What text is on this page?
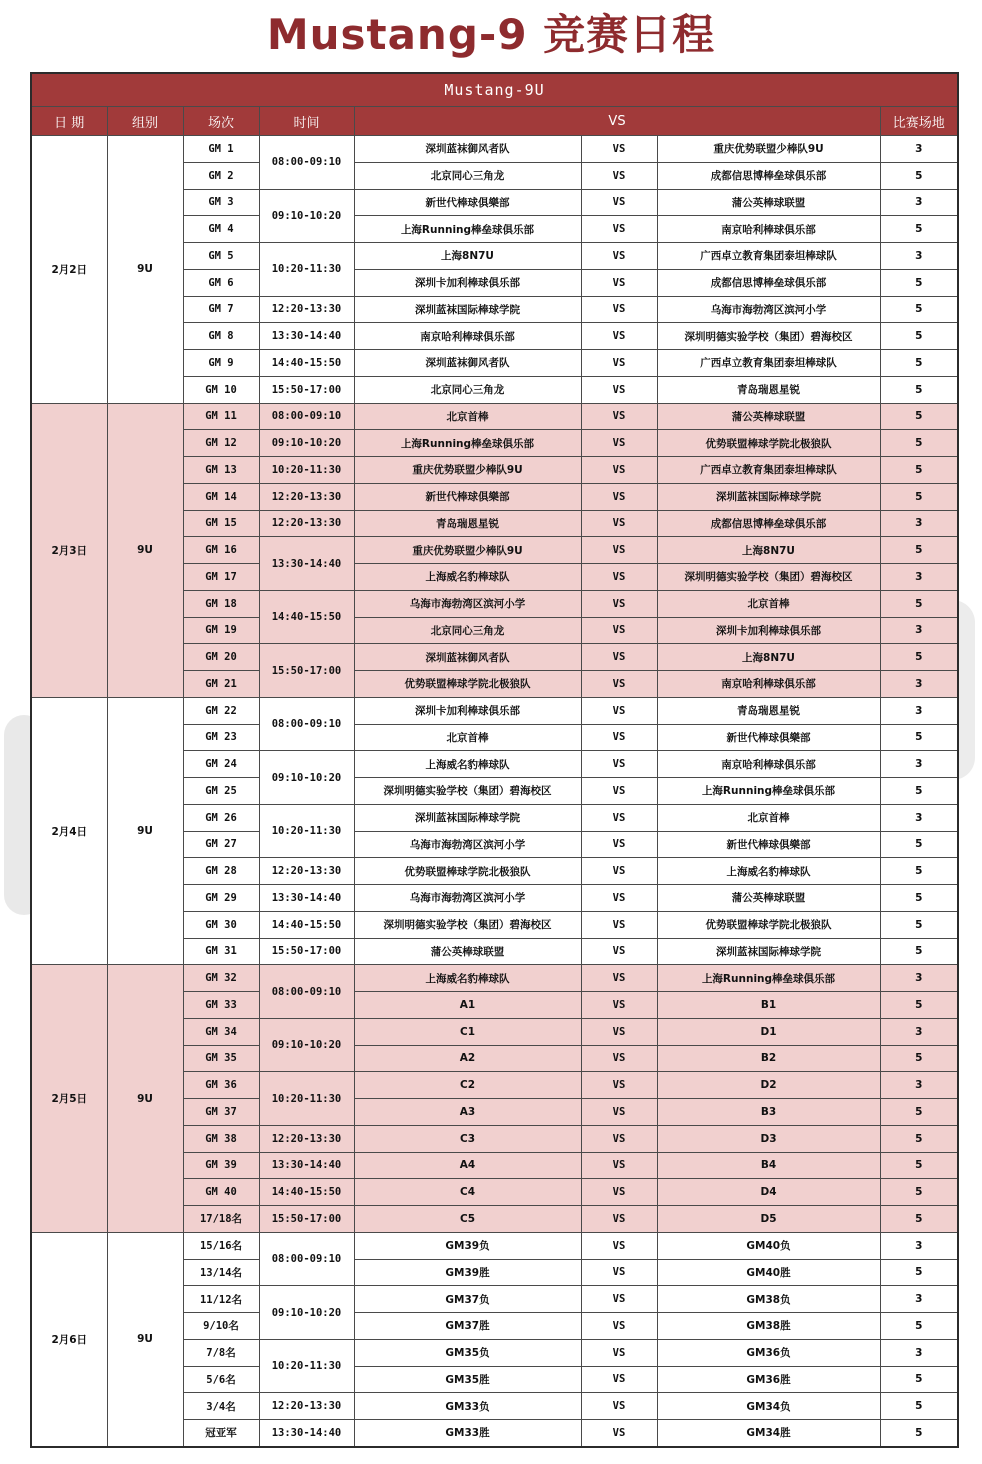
Mustang-9 竞赛日程
Mustang-9U							
日 期	组别	场次	时间	VS			比赛场地
2月2日	9U	GM 1	08:00-09:10	深圳蓝袜御风者队	VS	重庆优势联盟少棒队9U	3
		GM 2		北京同心三角龙	VS	成都信思博棒垒球俱乐部	5
		GM 3	09:10-10:20	新世代棒球俱樂部	VS	蒲公英棒球联盟	3
		GM 4		上海Running棒垒球俱乐部	VS	南京哈利棒球俱乐部	5
		GM 5	10:20-11:30	上海8N7U	VS	广西卓立教育集团泰坦棒球队	3
		GM 6		深圳卡加利棒球俱乐部	VS	成都信思博棒垒球俱乐部	5
		GM 7	12:20-13:30	深圳蓝袜国际棒球学院	VS	乌海市海勃湾区滨河小学	5
		GM 8	13:30-14:40	南京哈利棒球俱乐部	VS	深圳明德实验学校（集团）碧海校区	5
		GM 9	14:40-15:50	深圳蓝袜御风者队	VS	广西卓立教育集团泰坦棒球队	5
		GM 10	15:50-17:00	北京同心三角龙	VS	青岛瑞恩星锐	5
2月3日	9U	GM 11	08:00-09:10	北京首棒	VS	蒲公英棒球联盟	5
		GM 12	09:10-10:20	上海Running棒垒球俱乐部	VS	优势联盟棒球学院北极狼队	5
		GM 13	10:20-11:30	重庆优势联盟少棒队9U	VS	广西卓立教育集团泰坦棒球队	5
		GM 14	12:20-13:30	新世代棒球俱樂部	VS	深圳蓝袜国际棒球学院	5
		GM 15	12:20-13:30	青岛瑞恩星锐	VS	成都信思博棒垒球俱乐部	3
		GM 16	13:30-14:40	重庆优势联盟少棒队9U	VS	上海8N7U	5
		GM 17		上海威名豹棒球队	VS	深圳明德实验学校（集团）碧海校区	3
		GM 18	14:40-15:50	乌海市海勃湾区滨河小学	VS	北京首棒	5
		GM 19		北京同心三角龙	VS	深圳卡加利棒球俱乐部	3
		GM 20	15:50-17:00	深圳蓝袜御风者队	VS	上海8N7U	5
		GM 21		优势联盟棒球学院北极狼队	VS	南京哈利棒球俱乐部	3
2月4日	9U	GM 22	08:00-09:10	深圳卡加利棒球俱乐部	VS	青岛瑞恩星锐	3
		GM 23		北京首棒	VS	新世代棒球俱樂部	5
		GM 24	09:10-10:20	上海威名豹棒球队	VS	南京哈利棒球俱乐部	3
		GM 25		深圳明德实验学校（集团）碧海校区	VS	上海Running棒垒球俱乐部	5
		GM 26	10:20-11:30	深圳蓝袜国际棒球学院	VS	北京首棒	3
		GM 27		乌海市海勃湾区滨河小学	VS	新世代棒球俱樂部	5
		GM 28	12:20-13:30	优势联盟棒球学院北极狼队	VS	上海威名豹棒球队	5
		GM 29	13:30-14:40	乌海市海勃湾区滨河小学	VS	蒲公英棒球联盟	5
		GM 30	14:40-15:50	深圳明德实验学校（集团）碧海校区	VS	优势联盟棒球学院北极狼队	5
		GM 31	15:50-17:00	蒲公英棒球联盟	VS	深圳蓝袜国际棒球学院	5
2月5日	9U	GM 32	08:00-09:10	上海威名豹棒球队	VS	上海Running棒垒球俱乐部	3
		GM 33		A1	VS	B1	5
		GM 34	09:10-10:20	C1	VS	D1	3
		GM 35		A2	VS	B2	5
		GM 36	10:20-11:30	C2	VS	D2	3
		GM 37		A3	VS	B3	5
		GM 38	12:20-13:30	C3	VS	D3	5
		GM 39	13:30-14:40	A4	VS	B4	5
		GM 40	14:40-15:50	C4	VS	D4	5
		17/18名	15:50-17:00	C5	VS	D5	5
2月6日	9U	15/16名	08:00-09:10	GM39负	VS	GM40负	3
		13/14名		GM39胜	VS	GM40胜	5
		11/12名	09:10-10:20	GM37负	VS	GM38负	3
		9/10名		GM37胜	VS	GM38胜	5
		7/8名	10:20-11:30	GM35负	VS	GM36负	3
		5/6名		GM35胜	VS	GM36胜	5
		3/4名	12:20-13:30	GM33负	VS	GM34负	5
		冠亚军	13:30-14:40	GM33胜	VS	GM34胜	5
